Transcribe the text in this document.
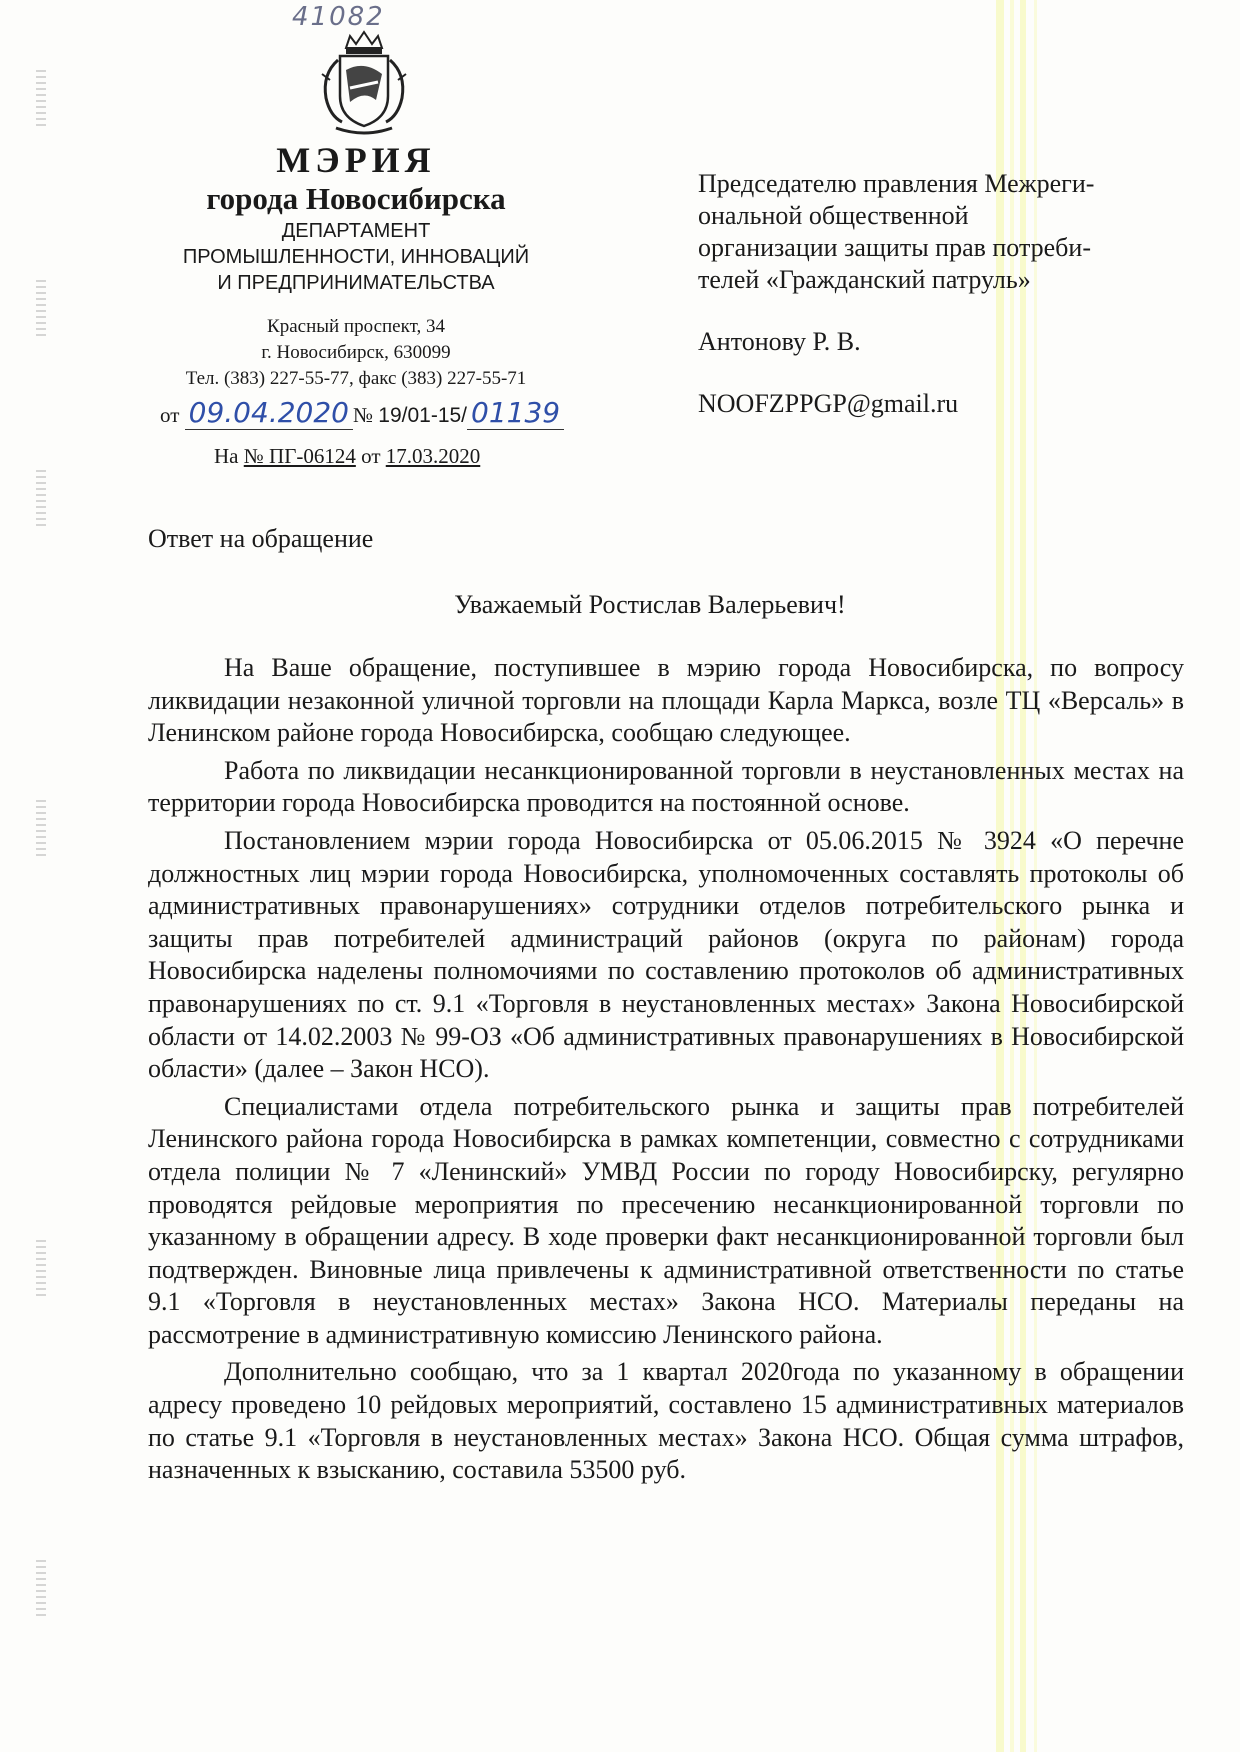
41082
МЭРИЯ
города Новосибирска
ДЕПАРТАМЕНТ
ПРОМЫШЛЕННОСТИ, ИННОВАЦИЙ
И ПРЕДПРИНИМАТЕЛЬСТВА
Красный проспект, 34
г. Новосибирск, 630099
Тел. (383) 227-55-77, факс (383) 227-55-71
от 09.04.2020 № 19/01-15/ 01139
На № ПГ-06124 от 17.03.2020
Председателю правления Межреги-
ональной общественной
организации защиты прав потреби-
телей «Гражданский патруль»
Антонову Р. В.
NOOFZPPGP@gmail.ru
Ответ на обращение
Уважаемый Ростислав Валерьевич!

На Ваше обращение, поступившее в мэрию города Новосибирска, по вопросу ликвидации незаконной уличной торговли на площади Карла Маркса, возле ТЦ «Версаль» в Ленинском районе города Новосибирска, сообщаю следующее.

Работа по ликвидации несанкционированной торговли в неустановленных местах на территории города Новосибирска проводится на постоянной основе.

Постановлением мэрии города Новосибирска от 05.06.2015 № 3924 «О перечне должностных лиц мэрии города Новосибирска, уполномоченных составлять протоколы об административных правонарушениях» сотрудники отделов потребительского рынка и защиты прав потребителей администраций районов (округа по районам) города Новосибирска наделены полномочиями по составлению протоколов об административных правонарушениях по ст. 9.1 «Торговля в неустановленных местах» Закона Новосибирской области от 14.02.2003 № 99-ОЗ «Об административных правонарушениях в Новосибирской области» (далее – Закон НСО).

Специалистами отдела потребительского рынка и защиты прав потребителей Ленинского района города Новосибирска в рамках компетенции, совместно с сотрудниками отдела полиции № 7 «Ленинский» УМВД России по городу Новосибирску, регулярно проводятся рейдовые мероприятия по пресечению несанкционированной торговли по указанному в обращении адресу. В ходе проверки факт несанкционированной торговли был подтвержден. Виновные лица привлечены к административной ответственности по статье 9.1 «Торговля в неустановленных местах» Закона НСО. Материалы переданы на рассмотрение в административную комиссию Ленинского района.

Дополнительно сообщаю, что за 1 квартал 2020года по указанному в обращении адресу проведено 10 рейдовых мероприятий, составлено 15 административных материалов по статье 9.1 «Торговля в неустановленных местах» Закона НСО. Общая сумма штрафов, назначенных к взысканию, составила 53500 руб.
